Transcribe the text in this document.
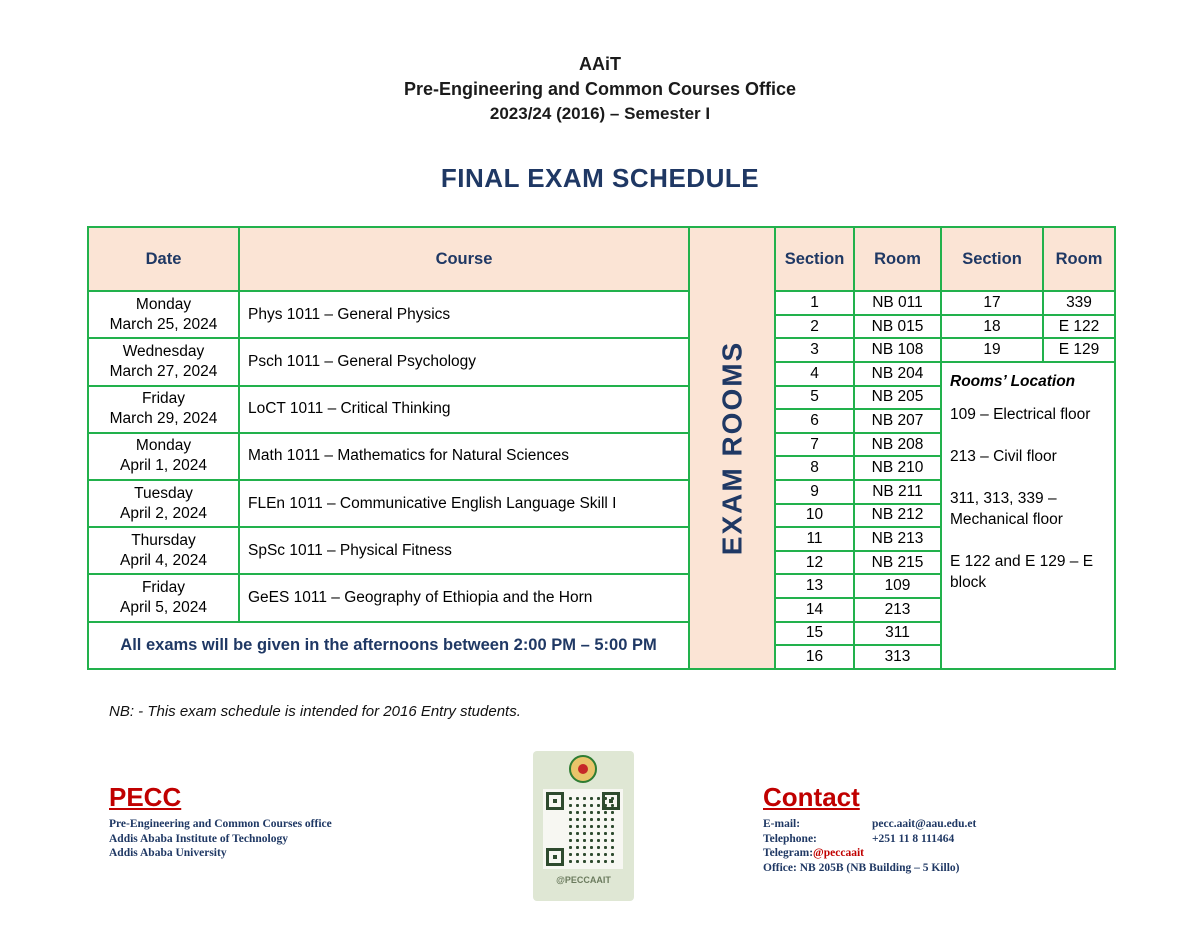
AAiT
Pre-Engineering and Common Courses Office
2023/24 (2016) – Semester I
FINAL EXAM SCHEDULE
Date	Course	EXAM ROOMS	Section	Room	Section	Room
Monday
March 25, 2024	Phys 1011 – General Physics		1	NB 011	17	339
			2	NB 015	18	E 122
Wednesday
March 27, 2024	Psch 1011 – General Psychology		3	NB 108	19	E 129
			4	NB 204	Rooms’ Location
109 – Electrical floor
213 – Civil floor
311, 313, 339 – Mechanical floor
E 122 and E 129 – E block	

Friday
March 29, 2024	LoCT 1011 – Critical Thinking		5	NB 205		
			6	NB 207		
Monday
April 1, 2024	Math 1011 – Mathematics for Natural Sciences		7	NB 208		
			8	NB 210		
Tuesday
April 2, 2024	FLEn 1011 – Communicative English Language Skill I		9	NB 211		
			10	NB 212		
Thursday
April 4, 2024	SpSc 1011 – Physical Fitness		11	NB 213		
			12	NB 215		
Friday
April 5, 2024	GeES 1011 – Geography of Ethiopia and the Horn		13	109		
			14	213		
All exams will be given in the afternoons between 2:00 PM – 5:00 PM			15	311		
			16	313		
NB: - This exam schedule is intended for 2016 Entry students.
PECC
Pre-Engineering and Common Courses office
Addis Ababa Institute of Technology
Addis Ababa University
@PECCAAIT
Contact
E-mail:	pecc.aait@aau.edu.et
Telephone:	+251 11 8 111464
Telegram:@peccaait
Office: NB 205B (NB Building – 5 Killo)
